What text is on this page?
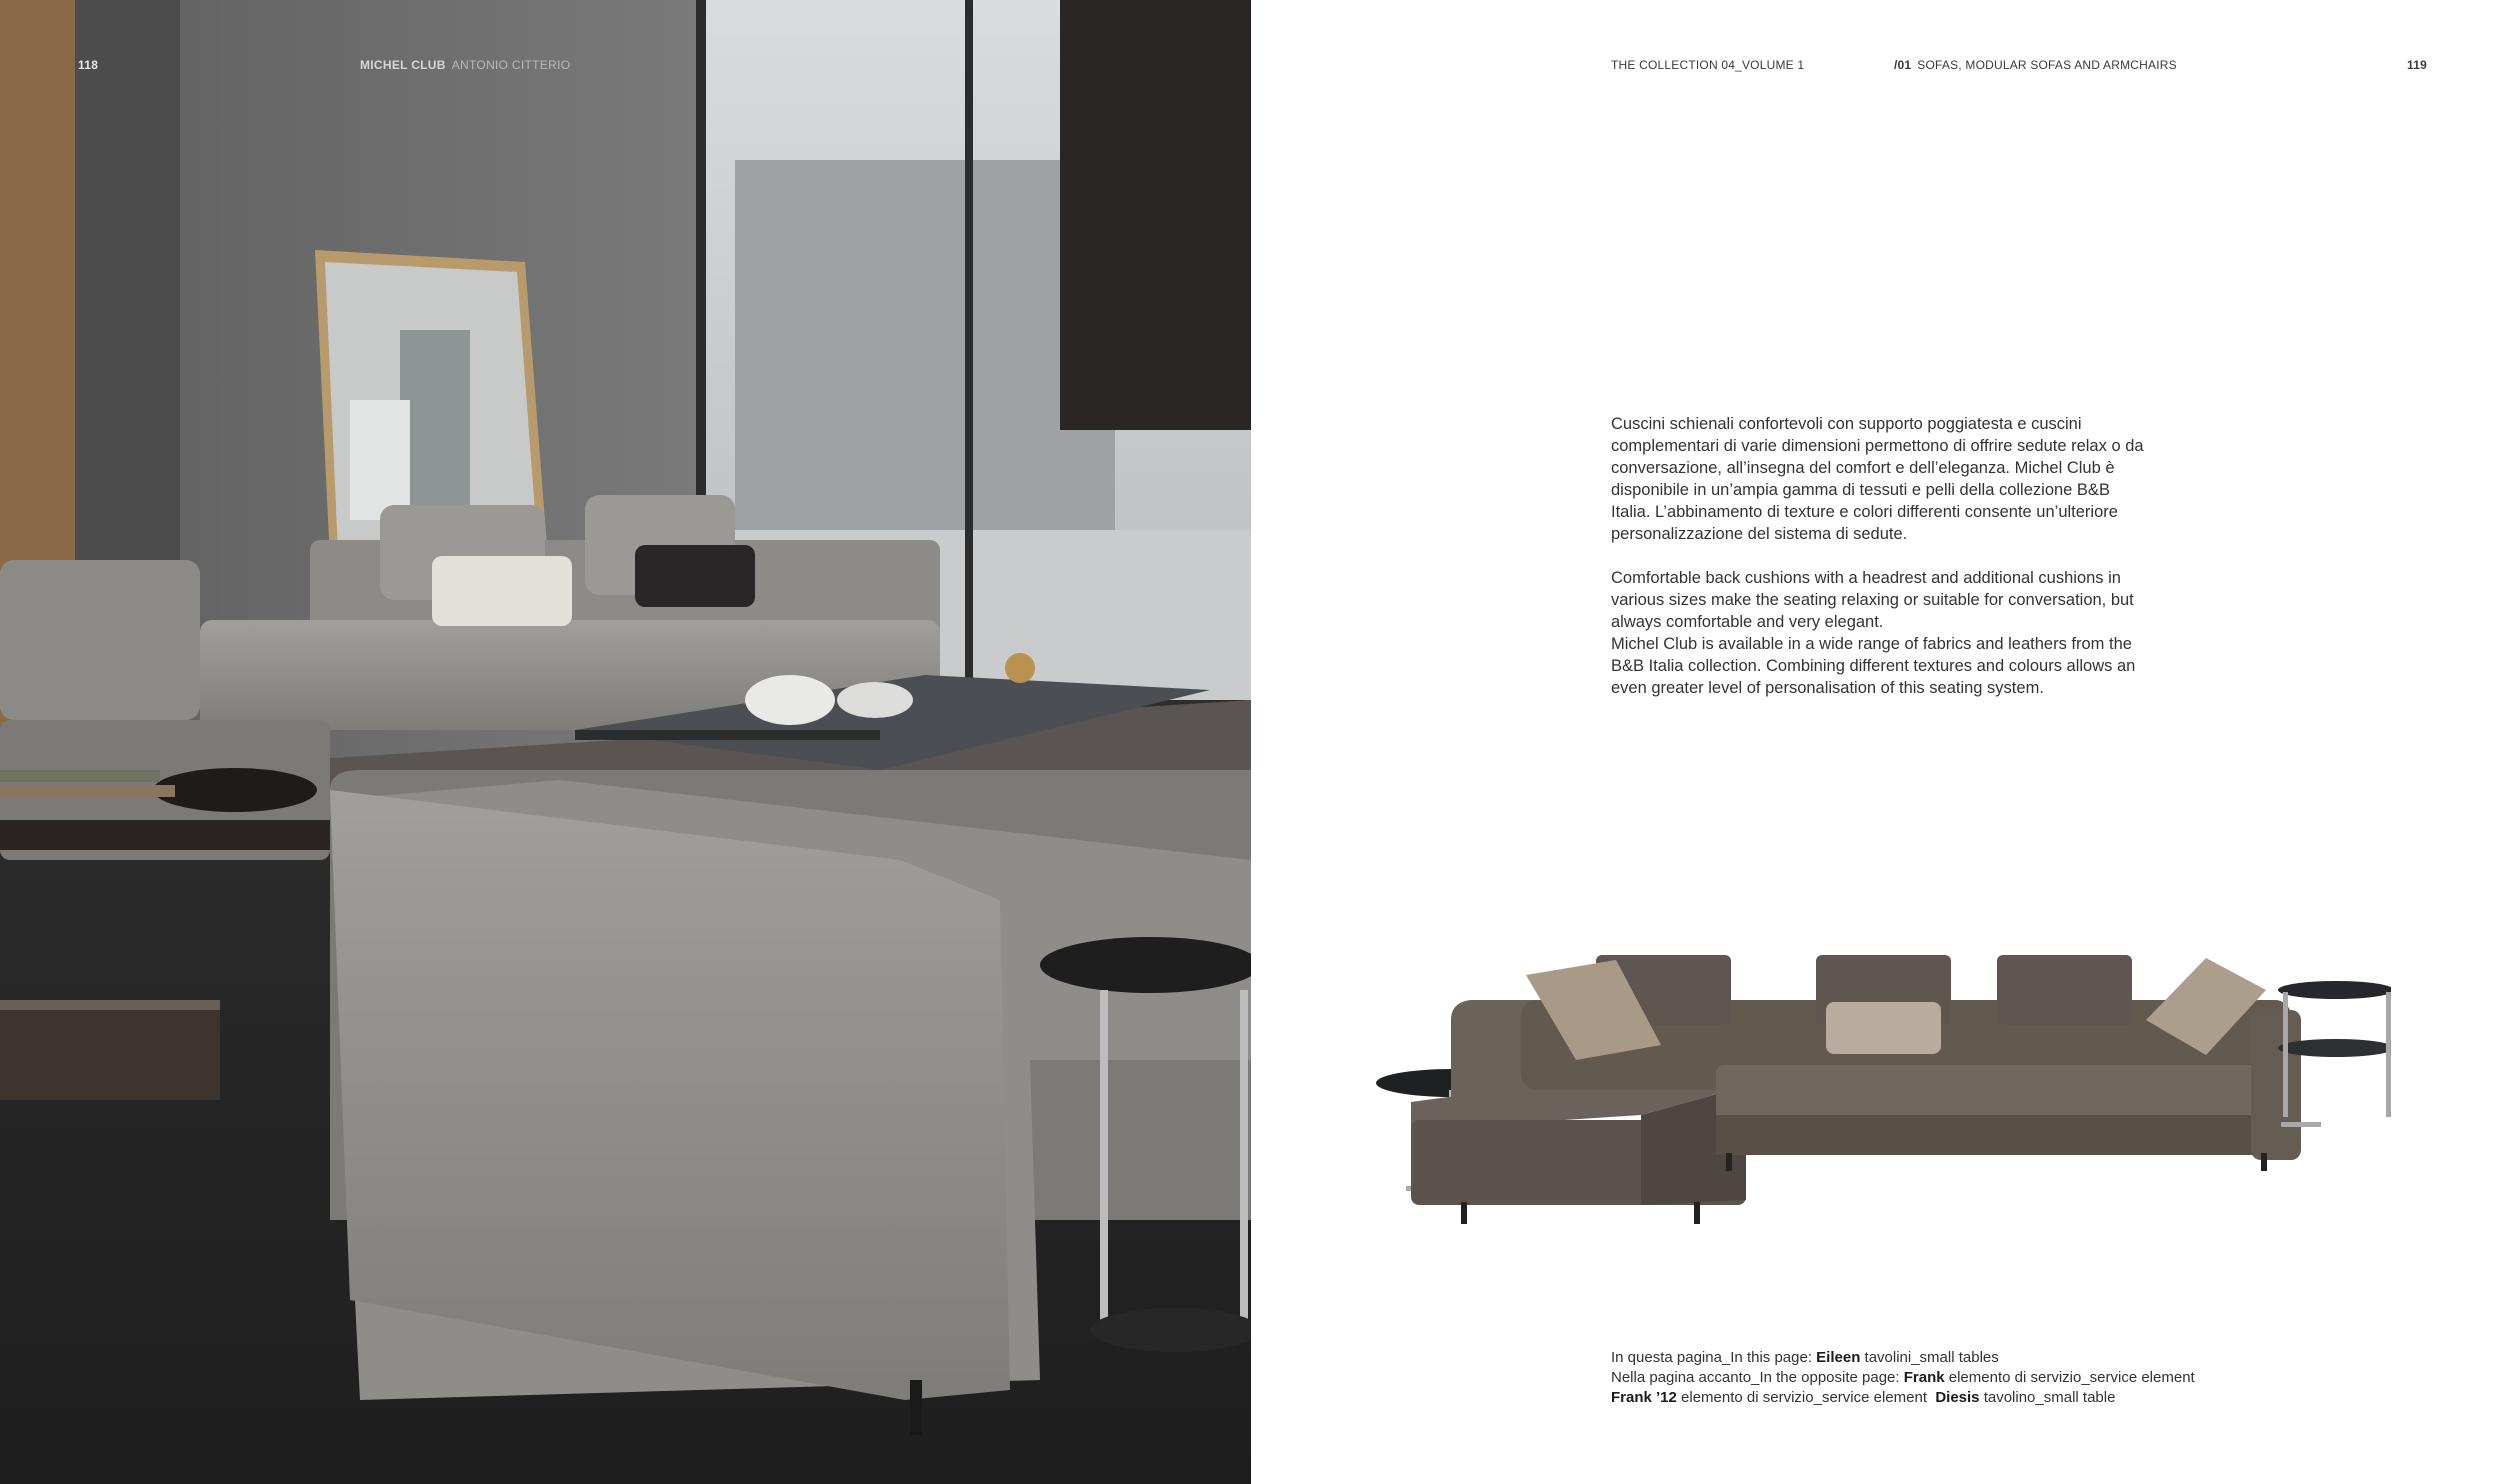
118	MICHEL CLUB ANTONIO CITTERIO	THE COLLECTION 04_VOLUME 1	/01 SOFAS, MODULAR SOFAS AND ARMCHAIRS	119

Cuscini schienali confortevoli con supporto poggiatesta e cuscini complementari di varie dimensioni permettono di offrire sedute relax o da conversazione, all’insegna del comfort e dell’eleganza. Michel Club è disponibile in un’ampia gamma di tessuti e pelli della collezione B&B Italia. L’abbinamento di texture e colori differenti consente un’ulteriore personalizzazione del sistema di sedute.

Comfortable back cushions with a headrest and additional cushions in various sizes make the seating relaxing or suitable for conversation, but always comfortable and very elegant.

Michel Club is available in a wide range of fabrics and leathers from the B&B Italia collection. Combining different textures and colours allows an even greater level of personalisation of this seating system.

In questa pagina_In this page: Eileen tavolini_small tables
Nella pagina accanto_In the opposite page: Frank elemento di servizio_service element
Frank ’12 elemento di servizio_service element  Diesis tavolino_small table
